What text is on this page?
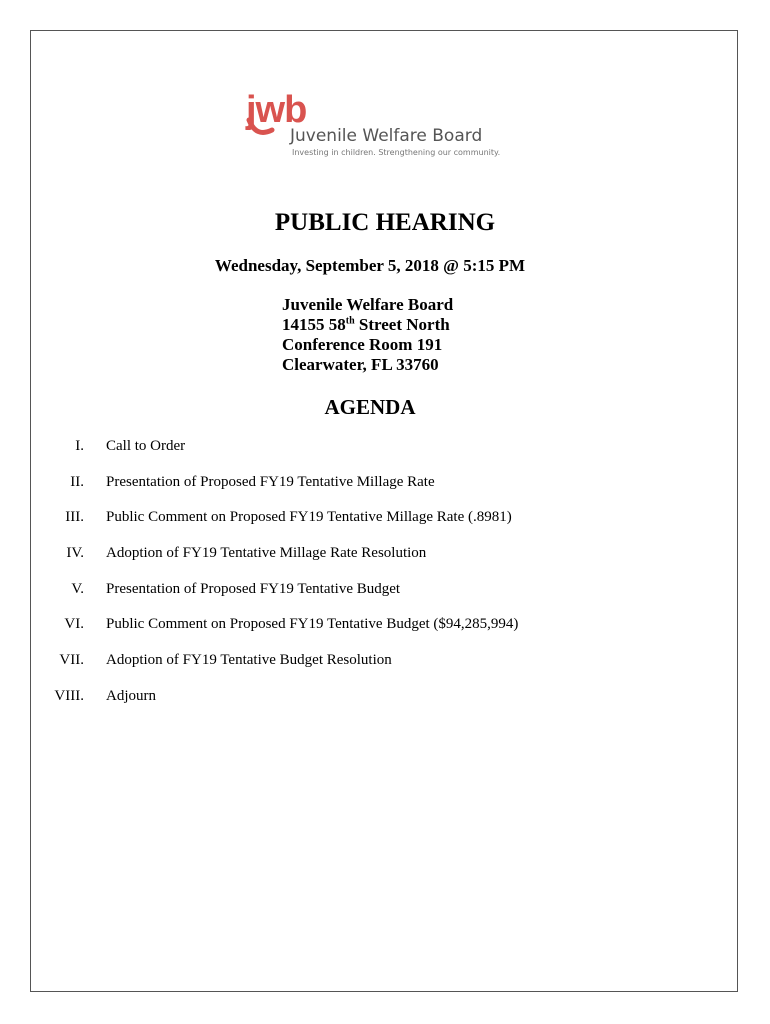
jwb
Juvenile Welfare Board
Investing in children. Strengthening our community.
PUBLIC HEARING
Wednesday, September 5, 2018 @ 5:15 PM
Juvenile Welfare Board
14155 58th Street North
Conference Room 191
Clearwater, FL 33760
AGENDA
I. Call to Order
II. Presentation of Proposed FY19 Tentative Millage Rate
III. Public Comment on Proposed FY19 Tentative Millage Rate (.8981)
IV. Adoption of FY19 Tentative Millage Rate Resolution
V. Presentation of Proposed FY19 Tentative Budget
VI. Public Comment on Proposed FY19 Tentative Budget ($94,285,994)
VII. Adoption of FY19 Tentative Budget Resolution
VIII. Adjourn
